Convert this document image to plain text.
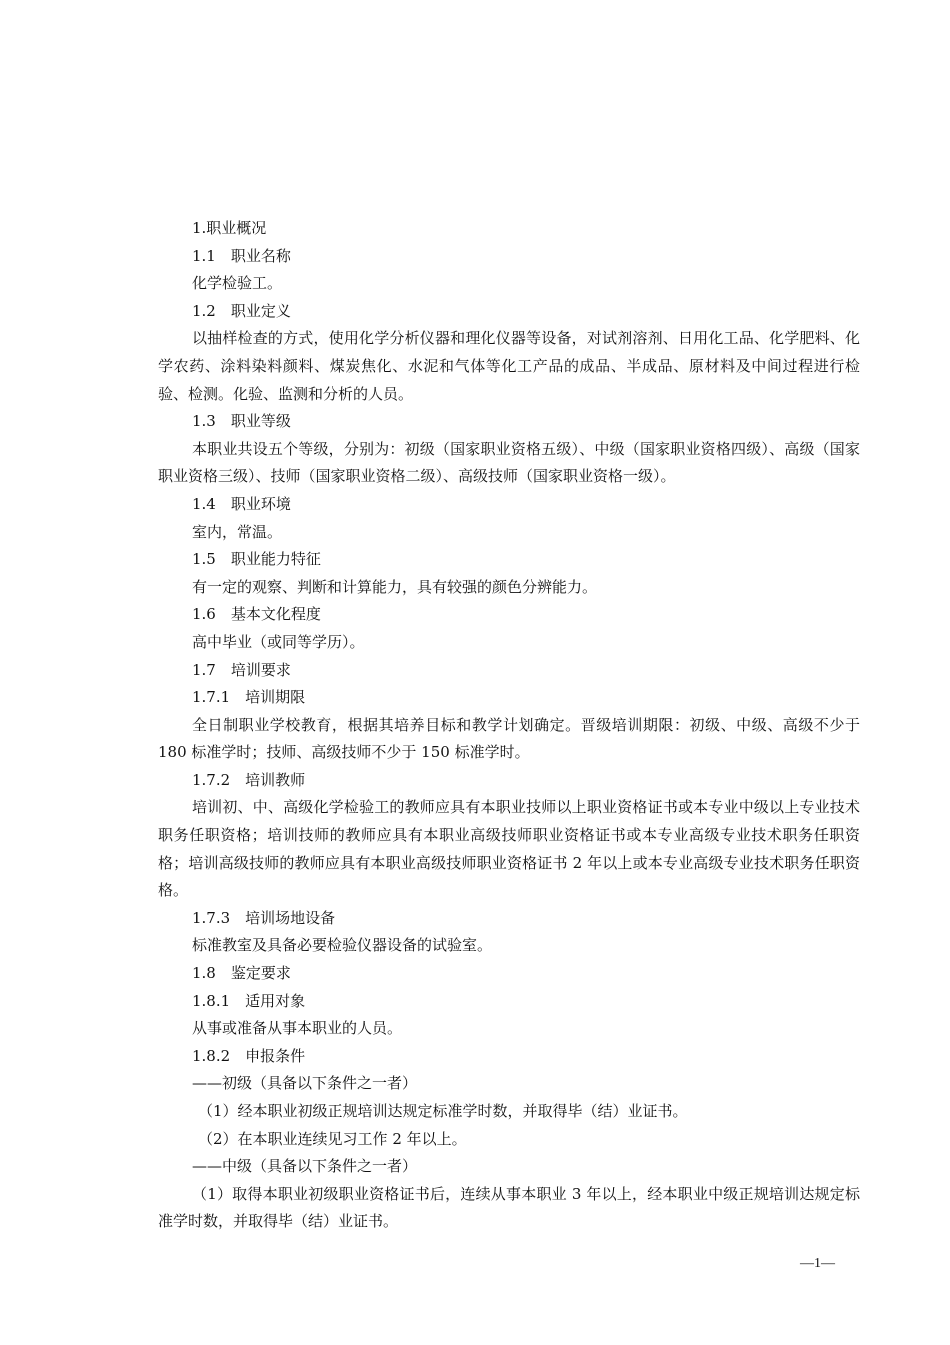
1.职业概况
1.1　职业名称
化学检验工。
1.2　职业定义
以抽样检查的方式，使用化学分析仪器和理化仪器等设备，对试剂溶剂、日用化工品、化学肥料、化学农药、涂料染料颜料、煤炭焦化、水泥和气体等化工产品的成品、半成品、原材料及中间过程进行检验、检测。化验、监测和分析的人员。
1.3　职业等级
本职业共设五个等级，分别为：初级（国家职业资格五级）、中级（国家职业资格四级）、高级（国家职业资格三级）、技师（国家职业资格二级）、高级技师（国家职业资格一级）。
1.4　职业环境
室内，常温。
1.5　职业能力特征
有一定的观察、判断和计算能力，具有较强的颜色分辨能力。
1.6　基本文化程度
高中毕业（或同等学历）。
1.7　培训要求
1.7.1　培训期限
全日制职业学校教育，根据其培养目标和教学计划确定。晋级培训期限：初级、中级、高级不少于 180 标准学时；技师、高级技师不少于 150 标准学时。
1.7.2　培训教师
培训初、中、高级化学检验工的教师应具有本职业技师以上职业资格证书或本专业中级以上专业技术职务任职资格；培训技师的教师应具有本职业高级技师职业资格证书或本专业高级专业技术职务任职资格；培训高级技师的教师应具有本职业高级技师职业资格证书 2 年以上或本专业高级专业技术职务任职资格。
1.7.3　培训场地设备
标准教室及具备必要检验仪器设备的试验室。
1.8　鉴定要求
1.8.1　适用对象
从事或准备从事本职业的人员。
1.8.2　申报条件
——初级（具备以下条件之一者）
（1）经本职业初级正规培训达规定标准学时数，并取得毕（结）业证书。
（2）在本职业连续见习工作 2 年以上。
——中级（具备以下条件之一者）
（1）取得本职业初级职业资格证书后，连续从事本职业 3 年以上，经本职业中级正规培训达规定标准学时数，并取得毕（结）业证书。
—1—
